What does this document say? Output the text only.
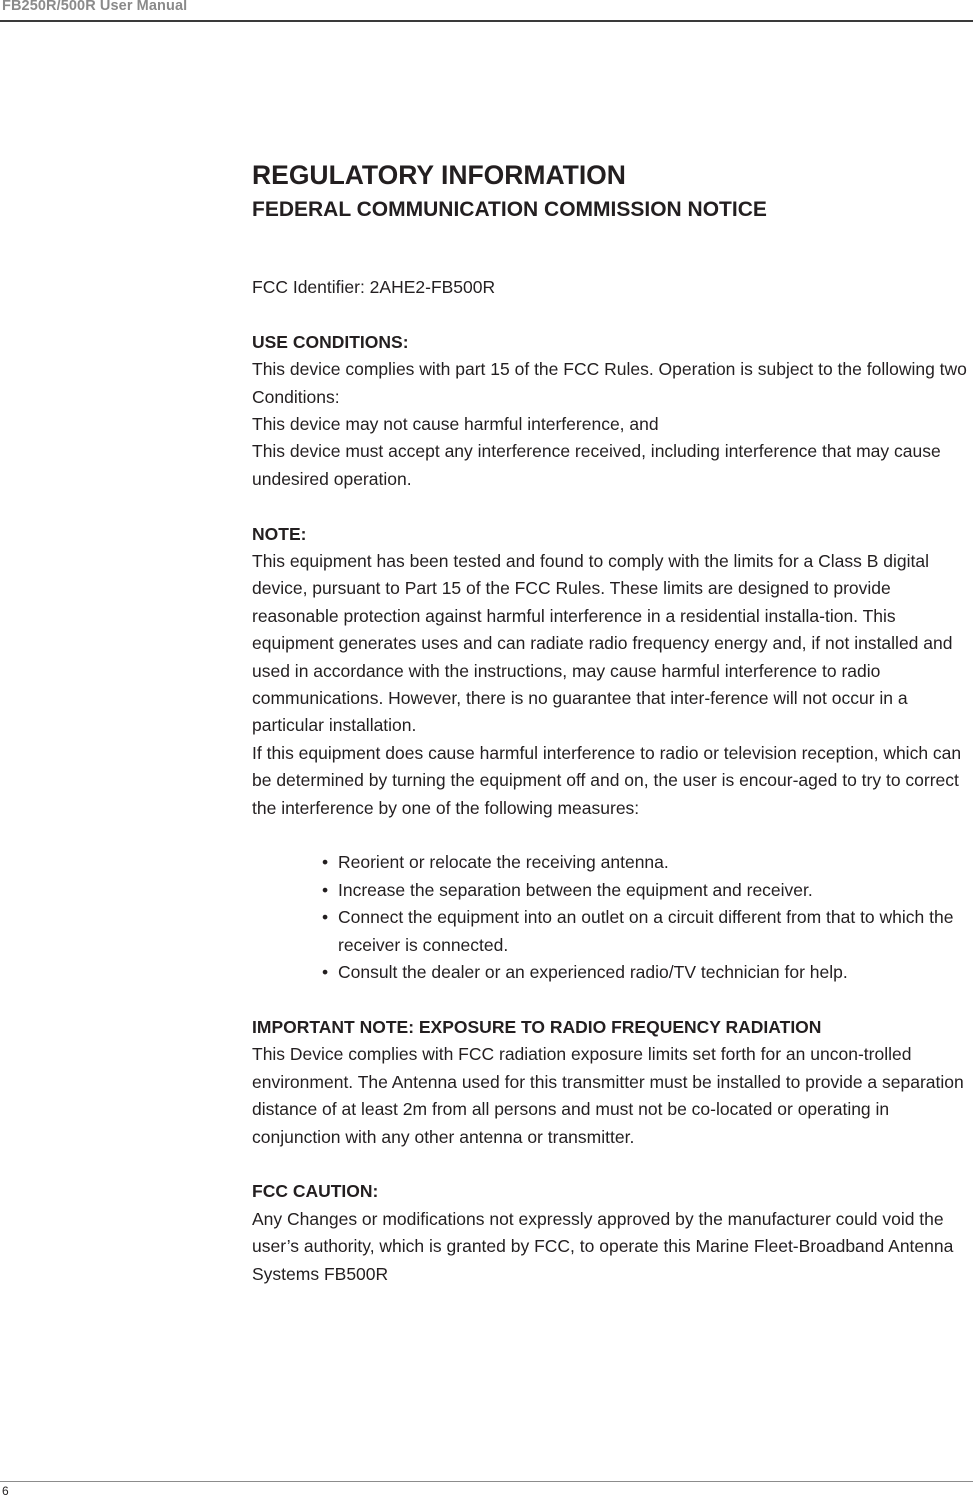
FB250R/500R User Manual
REGULATORY INFORMATION
FEDERAL COMMUNICATION COMMISSION NOTICE
FCC Identifier: 2AHE2-FB500R

USE CONDITIONS:

This device complies with part 15 of the FCC Rules. Operation is subject to the following two Conditions:

This device may not cause harmful interference, and

This device must accept any interference received, including interference that may cause undesired operation.

NOTE:

This equipment has been tested and found to comply with the limits for a Class B digital device, pursuant to Part 15 of the FCC Rules. These limits are designed to provide reasonable protection against harmful interference in a residential installa-tion. This equipment generates uses and can radiate radio frequency energy and, if not installed and used in accordance with the instructions, may cause harmful interference to radio communications. However, there is no guarantee that inter-ference will not occur in a particular installation.

If this equipment does cause harmful interference to radio or television reception, which can be determined by turning the equipment off and on, the user is encour-aged to try to correct the interference by one of the following measures:

• Reorient or relocate the receiving antenna.
• Increase the separation between the equipment and receiver.
• Connect the equipment into an outlet on a circuit different from that to which the receiver is connected.
• Consult the dealer or an experienced radio/TV technician for help.

IMPORTANT NOTE: EXPOSURE TO RADIO FREQUENCY RADIATION

This Device complies with FCC radiation exposure limits set forth for an uncon-trolled environment. The Antenna used for this transmitter must be installed to provide a separation distance of at least 2m from all persons and must not be co-located or operating in conjunction with any other antenna or transmitter.

FCC CAUTION:

Any Changes or modifications not expressly approved by the manufacturer could void the user’s authority, which is granted by FCC, to operate this Marine Fleet-Broadband Antenna Systems FB500R

6
